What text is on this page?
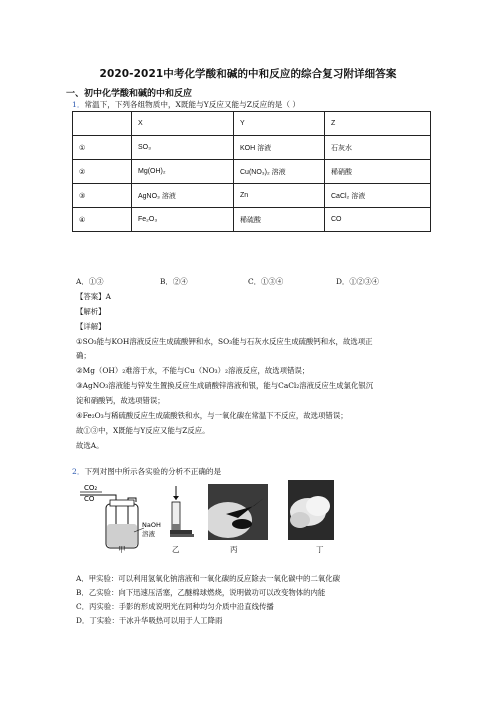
2020-2021中考化学酸和碱的中和反应的综合复习附详细答案
一、初中化学酸和碱的中和反应
1．常温下，下列各组物质中，X既能与Y反应又能与Z反应的是（ ）
	X	Y	Z
①	SO₃	KOH 溶液	石灰水
②	Mg(OH)₂	Cu(NO₃)₂ 溶液	稀硝酸
③	AgNO₃ 溶液	Zn	CaCl₂ 溶液
④	Fe₂O₃	稀硫酸	CO
A．①③	B．②④	C．①③④	D．①②③④
【答案】A
【解析】
【详解】
①SO₃能与KOH溶液反应生成硫酸钾和水，SO₃能与石灰水反应生成硫酸钙和水，故选项正
确；
②Mg（OH）₂难溶于水，不能与Cu（NO₃）₂溶液反应，故选项错误；
③AgNO₃溶液能与锌发生置换反应生成硝酸锌溶液和银，能与CaCl₂溶液反应生成氯化银沉
淀和硝酸钙，故选项错误；
④Fe₂O₃与稀硫酸反应生成硫酸铁和水，与一氧化碳在常温下不反应，故选项错误；
故①③中，X既能与Y反应又能与Z反应。
故选A。
2．下列对图中所示各实验的分析不正确的是
CO₂
CO
NaOH
溶液
甲	乙	丙	丁
A．甲实验：可以利用氢氧化钠溶液和一氧化碳的反应除去一氧化碳中的二氧化碳
B．乙实验：向下迅速压活塞，乙醚棉球燃烧，说明做功可以改变物体的内能
C．丙实验：手影的形成说明光在同种均匀介质中沿直线传播
D．丁实验：干冰升华吸热可以用于人工降雨
